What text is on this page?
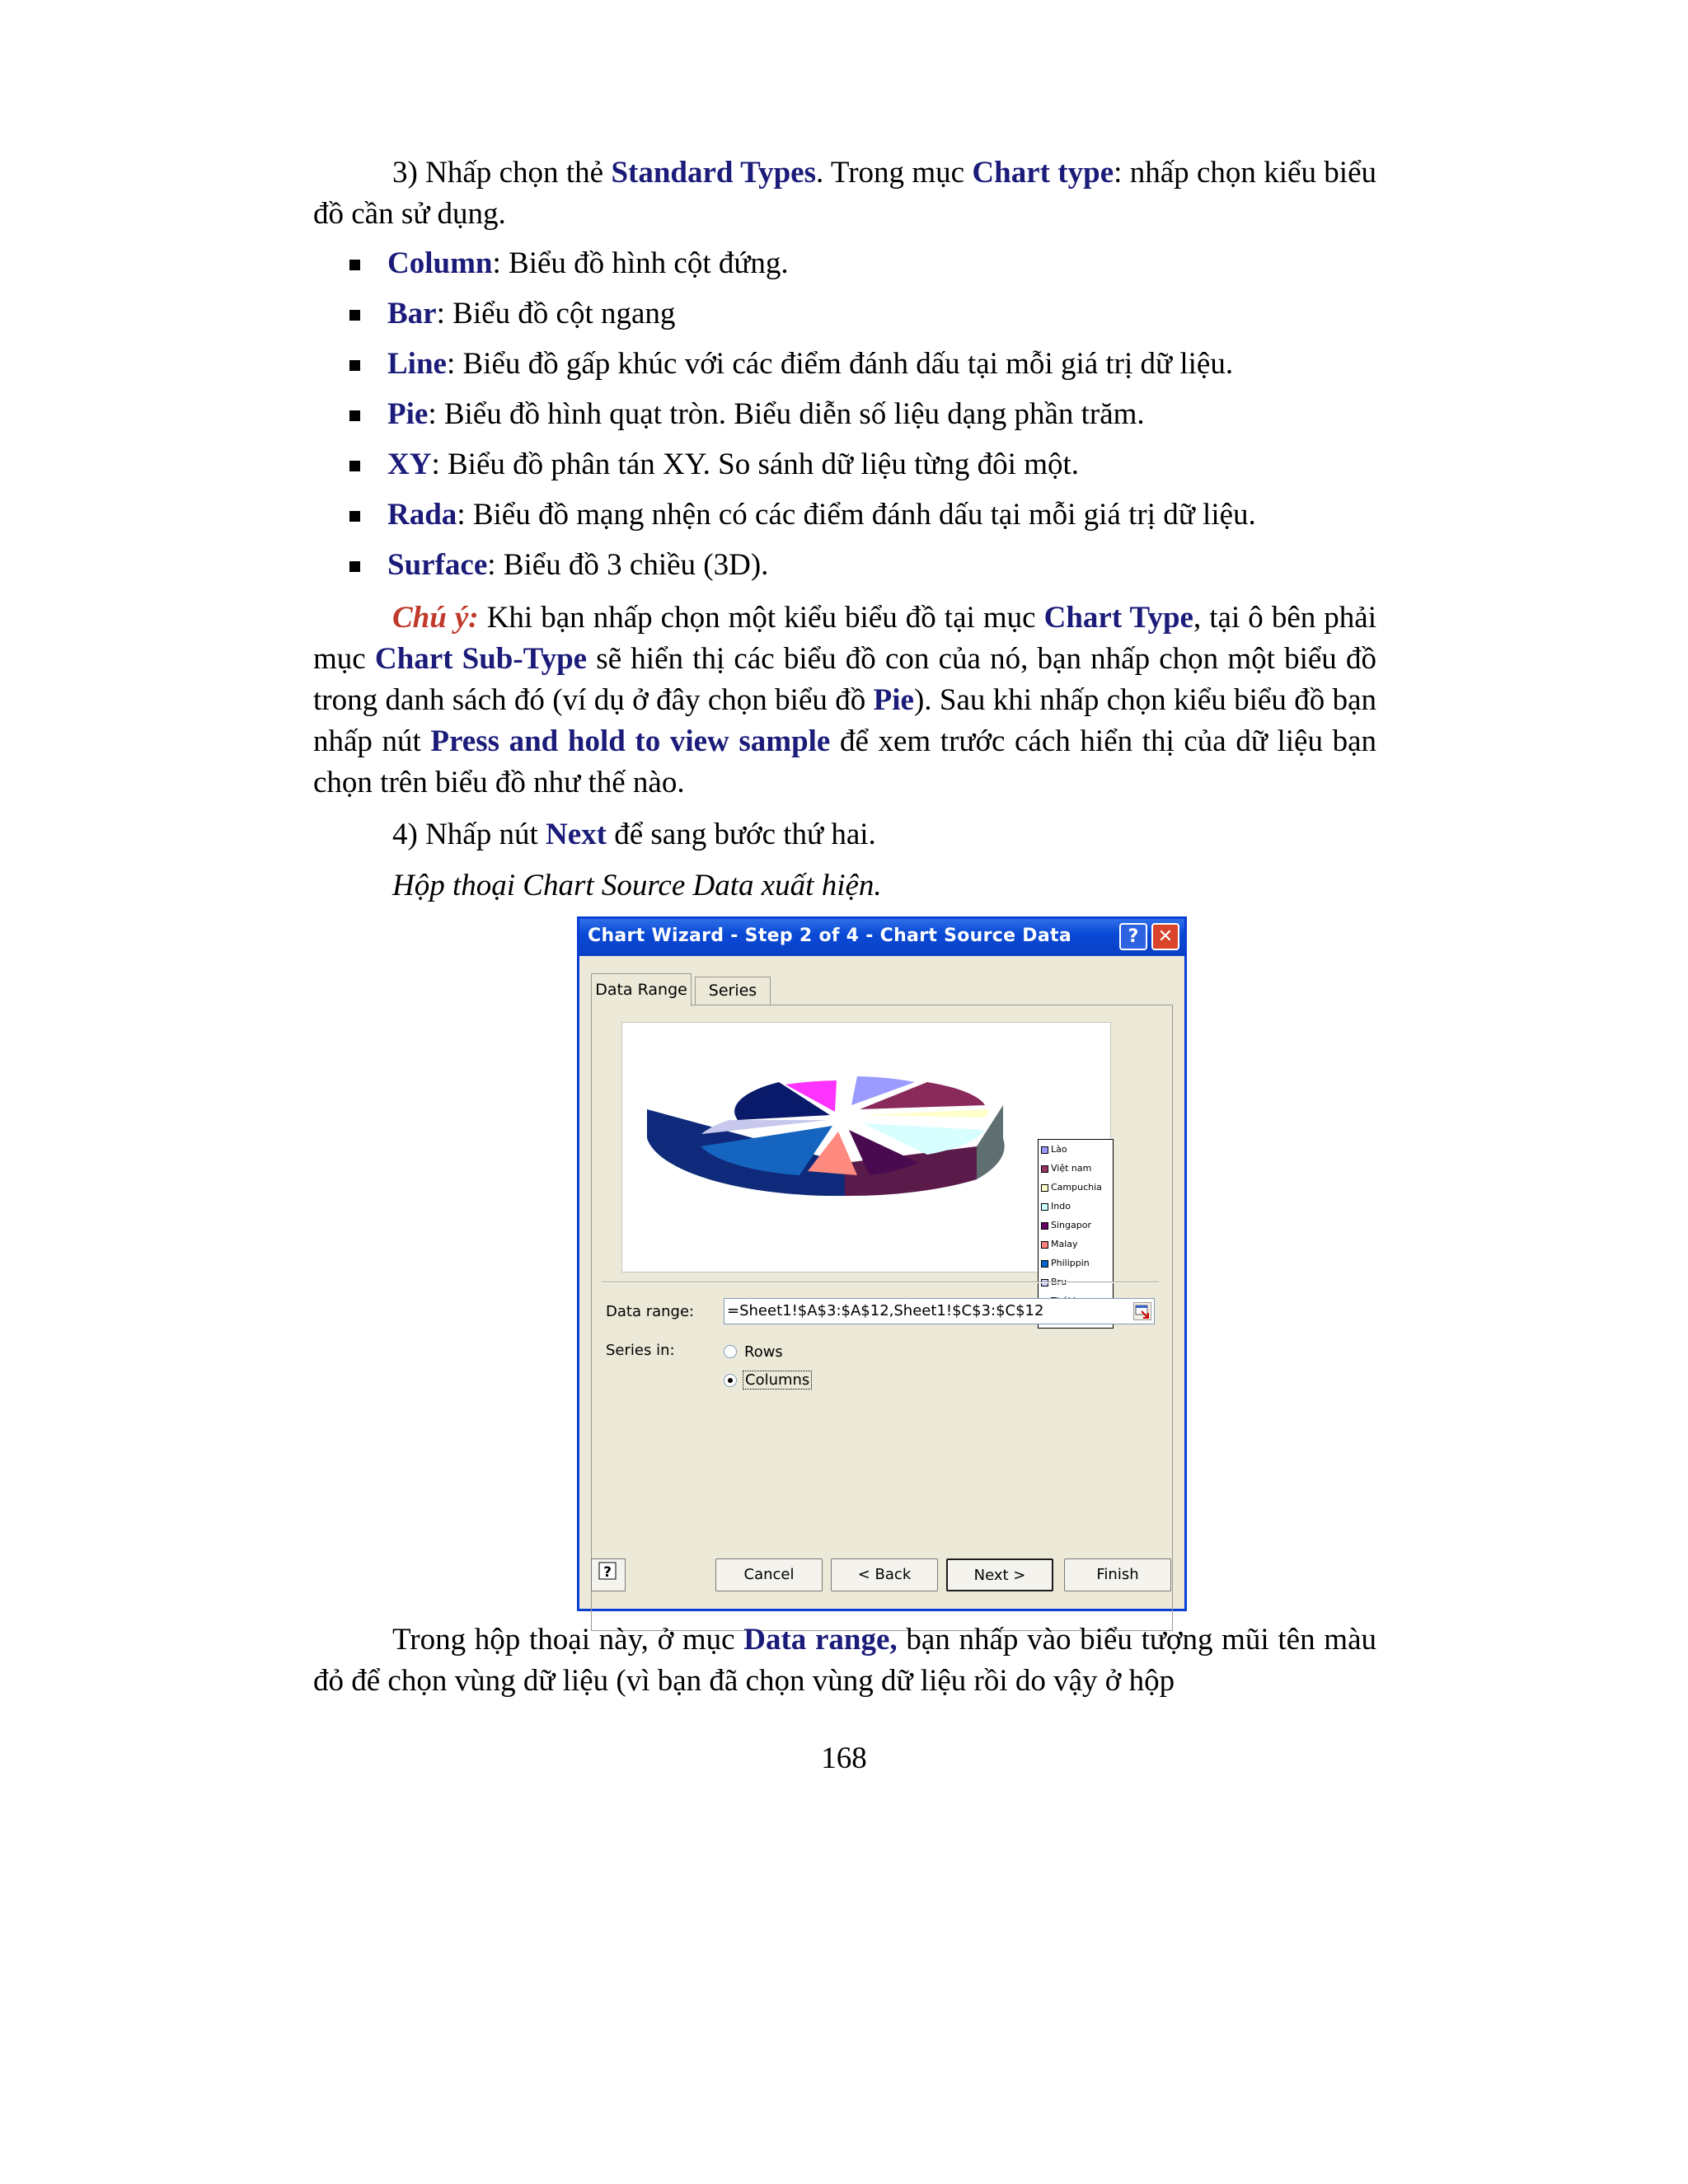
3) Nhấp chọn thẻ Standard Types. Trong mục Chart type: nhấp chọn kiểu biểu đồ cần sử dụng.

Column: Biểu đồ hình cột đứng.
Bar: Biểu đồ cột ngang
Line: Biểu đồ gấp khúc với các điểm đánh dấu tại mỗi giá trị dữ liệu.
Pie: Biểu đồ hình quạt tròn. Biểu diễn số liệu dạng phần trăm.
XY: Biểu đồ phân tán XY. So sánh dữ liệu từng đôi một.
Rada: Biểu đồ mạng nhện có các điểm đánh dấu tại mỗi giá trị dữ liệu.
Surface: Biểu đồ 3 chiều (3D).

Chú ý: Khi bạn nhấp chọn một kiểu biểu đồ tại mục Chart Type, tại ô bên phải mục Chart Sub-Type sẽ hiển thị các biểu đồ con của nó, bạn nhấp chọn một biểu đồ trong danh sách đó (ví dụ ở đây chọn biểu đồ Pie). Sau khi nhấp chọn kiểu biểu đồ bạn nhấp nút Press and hold to view sample để xem trước cách hiển thị của dữ liệu bạn chọn trên biểu đồ như thế nào.

4) Nhấp nút Next để sang bước thứ hai.

Hộp thoại Chart Source Data xuất hiện.

Chart Wizard - Step 2 of 4 - Chart Source Data	?	✕
Data Range	Series
Lào
Việt nam
Campuchia
Indo
Singapor
Malay
Philippin
Bru
Data range: =Sheet1!$A$3:$A$12,Sheet1!$C$3:$C$12
Series in:	Rows
Columns
?	Cancel	< Back	Next >	Finish

Trong hộp thoại này, ở mục Data range, bạn nhấp vào biểu tượng mũi tên màu đỏ để chọn vùng dữ liệu (vì bạn đã chọn vùng dữ liệu rồi do vậy ở hộp

168
